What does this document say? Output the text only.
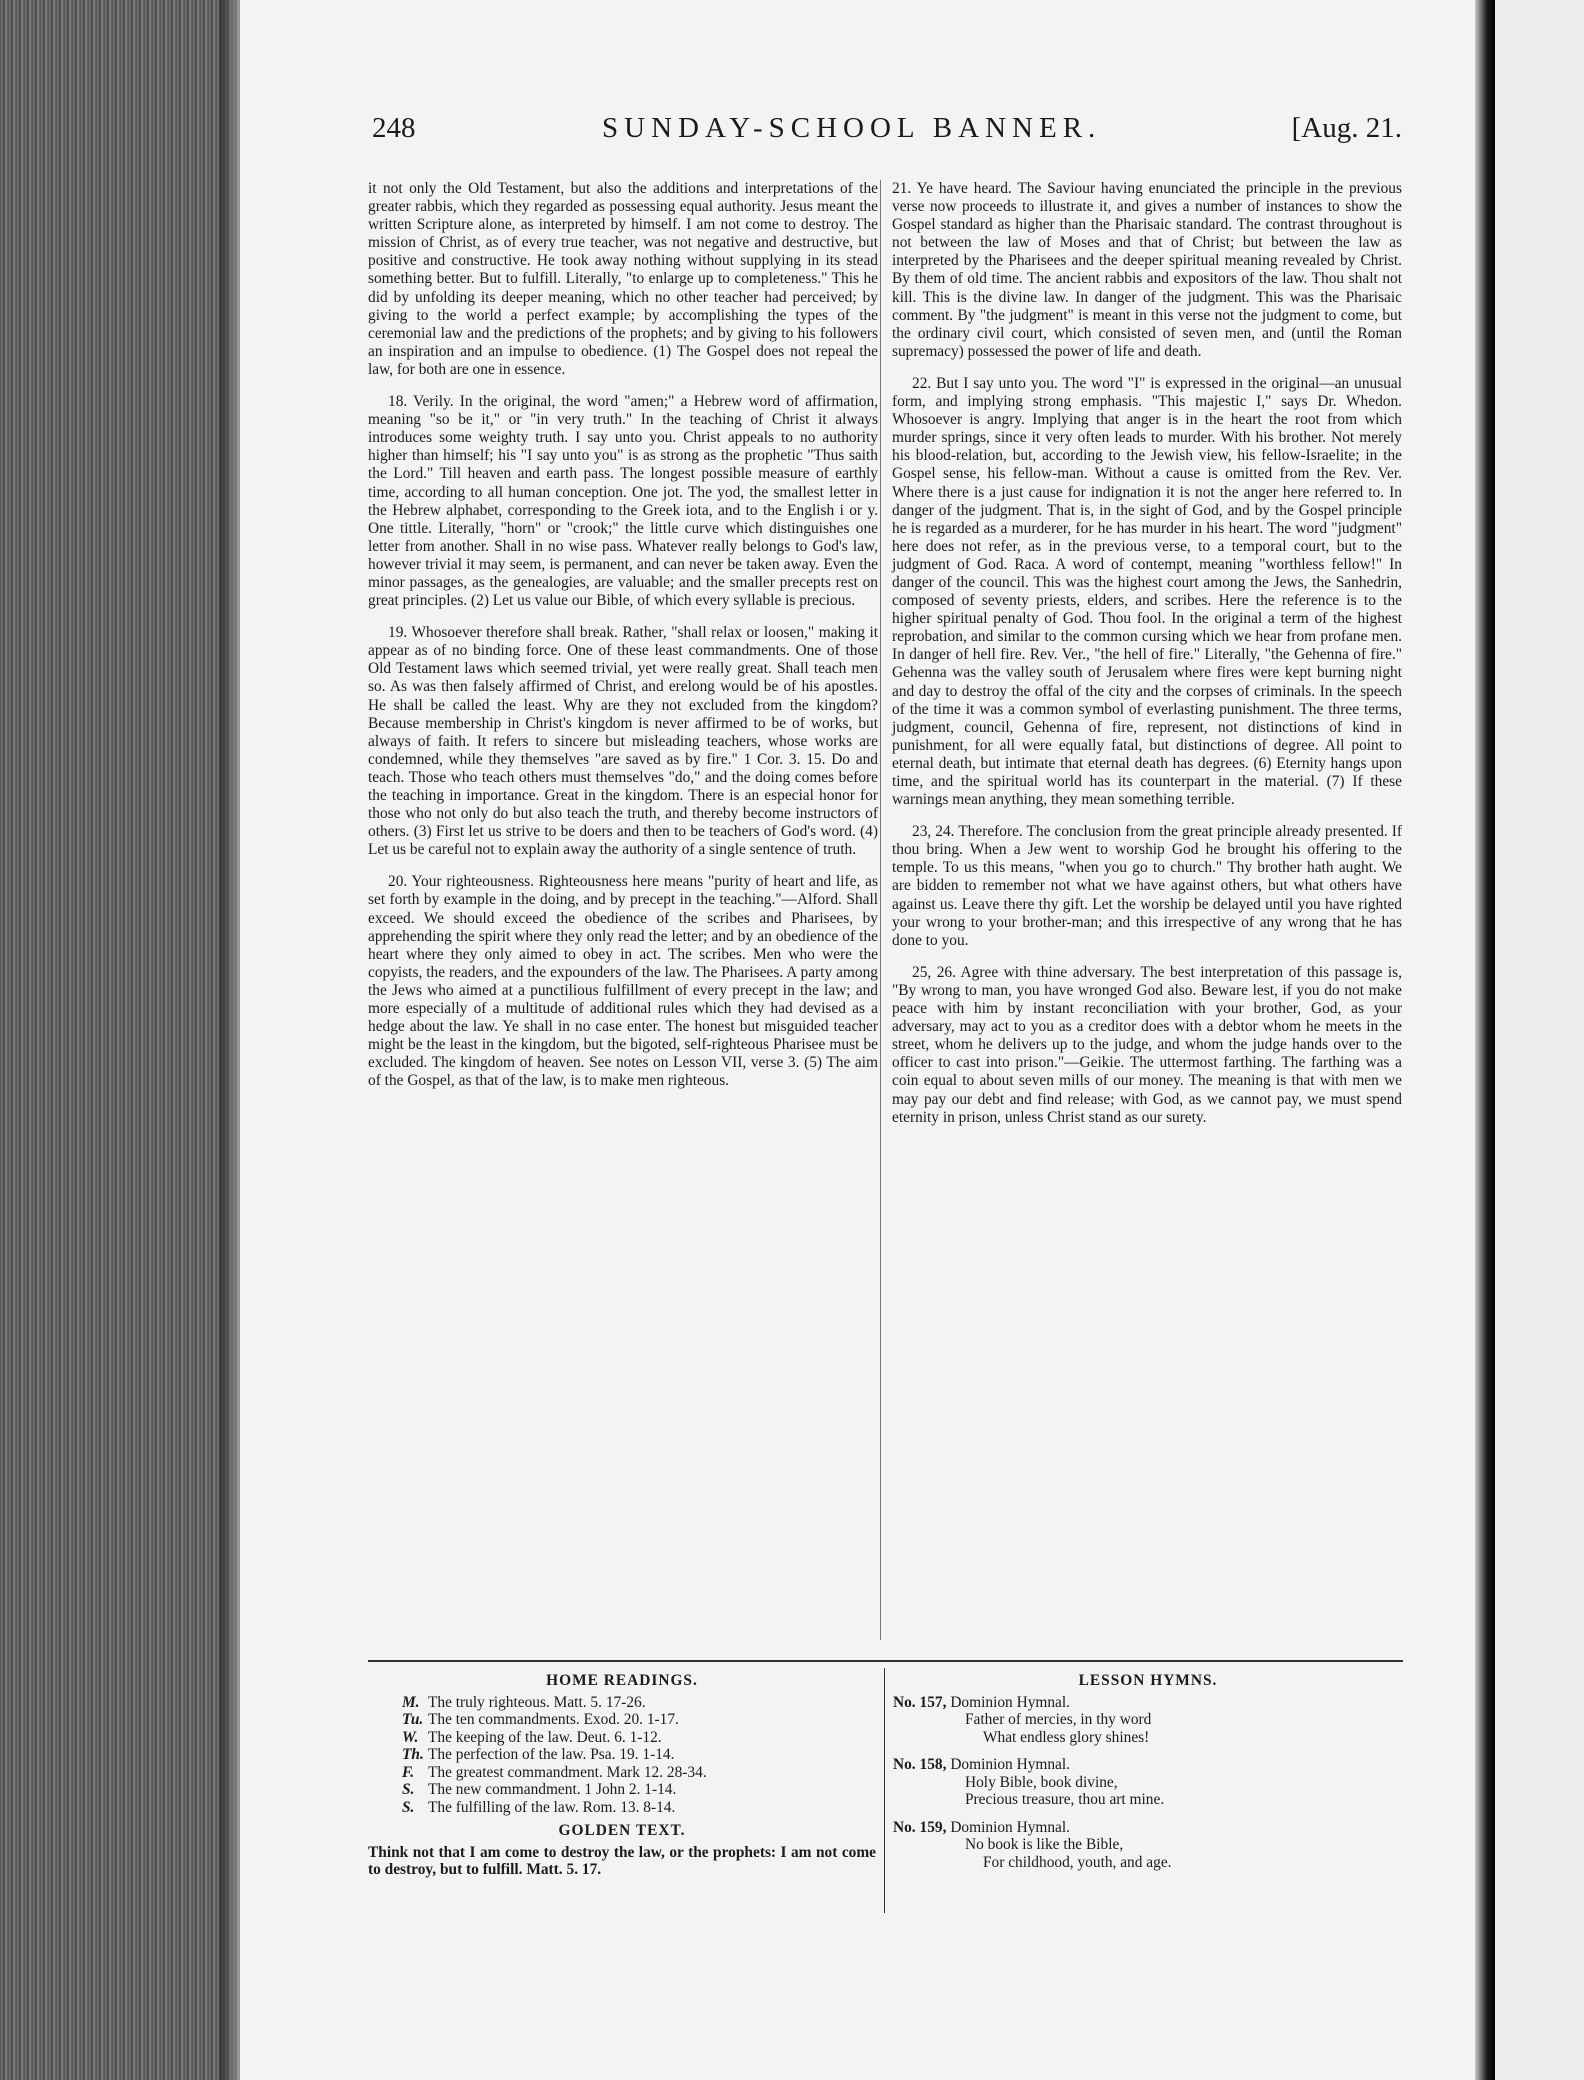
248	SUNDAY-SCHOOL BANNER.	[Aug. 21.

it not only the Old Testament, but also the additions and interpretations of the greater rabbis, which they regarded as possessing equal authority. Jesus meant the written Scripture alone, as interpreted by himself. I am not come to destroy. The mission of Christ, as of every true teacher, was not negative and destructive, but positive and constructive. He took away nothing without supplying in its stead something better. But to fulfill. Literally, "to enlarge up to completeness." This he did by unfolding its deeper meaning, which no other teacher had perceived; by giving to the world a perfect example; by accomplishing the types of the ceremonial law and the predictions of the prophets; and by giving to his followers an inspiration and an impulse to obedience. (1) The Gospel does not repeal the law, for both are one in essence.

18. Verily. In the original, the word "amen;" a Hebrew word of affirmation, meaning "so be it," or "in very truth." In the teaching of Christ it always introduces some weighty truth. I say unto you. Christ appeals to no authority higher than himself; his "I say unto you" is as strong as the prophetic "Thus saith the Lord." Till heaven and earth pass. The longest possible measure of earthly time, according to all human conception. One jot. The yod, the smallest letter in the Hebrew alphabet, corresponding to the Greek iota, and to the English i or y. One tittle. Literally, "horn" or "crook;" the little curve which distinguishes one letter from another. Shall in no wise pass. Whatever really belongs to God's law, however trivial it may seem, is permanent, and can never be taken away. Even the minor passages, as the genealogies, are valuable; and the smaller precepts rest on great principles. (2) Let us value our Bible, of which every syllable is precious.

19. Whosoever therefore shall break. Rather, "shall relax or loosen," making it appear as of no binding force. One of these least commandments. One of those Old Testament laws which seemed trivial, yet were really great. Shall teach men so. As was then falsely affirmed of Christ, and erelong would be of his apostles. He shall be called the least. Why are they not excluded from the kingdom? Because membership in Christ's kingdom is never affirmed to be of works, but always of faith. It refers to sincere but misleading teachers, whose works are condemned, while they themselves "are saved as by fire." 1 Cor. 3. 15. Do and teach. Those who teach others must themselves "do," and the doing comes before the teaching in importance. Great in the kingdom. There is an especial honor for those who not only do but also teach the truth, and thereby become instructors of others. (3) First let us strive to be doers and then to be teachers of God's word. (4) Let us be careful not to explain away the authority of a single sentence of truth.

20. Your righteousness. Righteousness here means "purity of heart and life, as set forth by example in the doing, and by precept in the teaching."—Alford. Shall exceed. We should exceed the obedience of the scribes and Pharisees, by apprehending the spirit where they only read the letter; and by an obedience of the heart where they only aimed to obey in act. The scribes. Men who were the copyists, the readers, and the expounders of the law. The Pharisees. A party among the Jews who aimed at a punctilious fulfillment of every precept in the law; and more especially of a multitude of additional rules which they had devised as a hedge about the law. Ye shall in no case enter. The honest but misguided teacher might be the least in the kingdom, but the bigoted, self-righteous Pharisee must be excluded. The kingdom of heaven. See notes on Lesson VII, verse 3. (5) The aim of the Gospel, as that of the law, is to make men righteous.

21. Ye have heard. The Saviour having enunciated the principle in the previous verse now proceeds to illustrate it, and gives a number of instances to show the Gospel standard as higher than the Pharisaic standard. The contrast throughout is not between the law of Moses and that of Christ; but between the law as interpreted by the Pharisees and the deeper spiritual meaning revealed by Christ. By them of old time. The ancient rabbis and expositors of the law. Thou shalt not kill. This is the divine law. In danger of the judgment. This was the Pharisaic comment. By "the judgment" is meant in this verse not the judgment to come, but the ordinary civil court, which consisted of seven men, and (until the Roman supremacy) possessed the power of life and death.

22. But I say unto you. The word "I" is expressed in the original—an unusual form, and implying strong emphasis. "This majestic I," says Dr. Whedon. Whosoever is angry. Implying that anger is in the heart the root from which murder springs, since it very often leads to murder. With his brother. Not merely his blood-relation, but, according to the Jewish view, his fellow-Israelite; in the Gospel sense, his fellow-man. Without a cause is omitted from the Rev. Ver. Where there is a just cause for indignation it is not the anger here referred to. In danger of the judgment. That is, in the sight of God, and by the Gospel principle he is regarded as a murderer, for he has murder in his heart. The word "judgment" here does not refer, as in the previous verse, to a temporal court, but to the judgment of God. Raca. A word of contempt, meaning "worthless fellow!" In danger of the council. This was the highest court among the Jews, the Sanhedrin, composed of seventy priests, elders, and scribes. Here the reference is to the higher spiritual penalty of God. Thou fool. In the original a term of the highest reprobation, and similar to the common cursing which we hear from profane men. In danger of hell fire. Rev. Ver., "the hell of fire." Literally, "the Gehenna of fire." Gehenna was the valley south of Jerusalem where fires were kept burning night and day to destroy the offal of the city and the corpses of criminals. In the speech of the time it was a common symbol of everlasting punishment. The three terms, judgment, council, Gehenna of fire, represent, not distinctions of kind in punishment, for all were equally fatal, but distinctions of degree. All point to eternal death, but intimate that eternal death has degrees. (6) Eternity hangs upon time, and the spiritual world has its counterpart in the material. (7) If these warnings mean anything, they mean something terrible.

23, 24. Therefore. The conclusion from the great principle already presented. If thou bring. When a Jew went to worship God he brought his offering to the temple. To us this means, "when you go to church." Thy brother hath aught. We are bidden to remember not what we have against others, but what others have against us. Leave there thy gift. Let the worship be delayed until you have righted your wrong to your brother-man; and this irrespective of any wrong that he has done to you.

25, 26. Agree with thine adversary. The best interpretation of this passage is, "By wrong to man, you have wronged God also. Beware lest, if you do not make peace with him by instant reconciliation with your brother, God, as your adversary, may act to you as a creditor does with a debtor whom he meets in the street, whom he delivers up to the judge, and whom the judge hands over to the officer to cast into prison."—Geikie. The uttermost farthing. The farthing was a coin equal to about seven mills of our money. The meaning is that with men we may pay our debt and find release; with God, as we cannot pay, we must spend eternity in prison, unless Christ stand as our surety.

HOME READINGS.
M. The truly righteous. Matt. 5. 17-26.
Tu. The ten commandments. Exod. 20. 1-17.
W. The keeping of the law. Deut. 6. 1-12.
Th. The perfection of the law. Psa. 19. 1-14.
F. The greatest commandment. Mark 12. 28-34.
S. The new commandment. 1 John 2. 1-14.
S. The fulfilling of the law. Rom. 13. 8-14.
GOLDEN TEXT.

Think not that I am come to destroy the law, or the prophets: I am not come to destroy, but to fulfill. Matt. 5. 17.

LESSON HYMNS.
No. 157, Dominion Hymnal.
Father of mercies, in thy word
What endless glory shines!
No. 158, Dominion Hymnal.
Holy Bible, book divine,
Precious treasure, thou art mine.
No. 159, Dominion Hymnal.
No book is like the Bible,
For childhood, youth, and age.
